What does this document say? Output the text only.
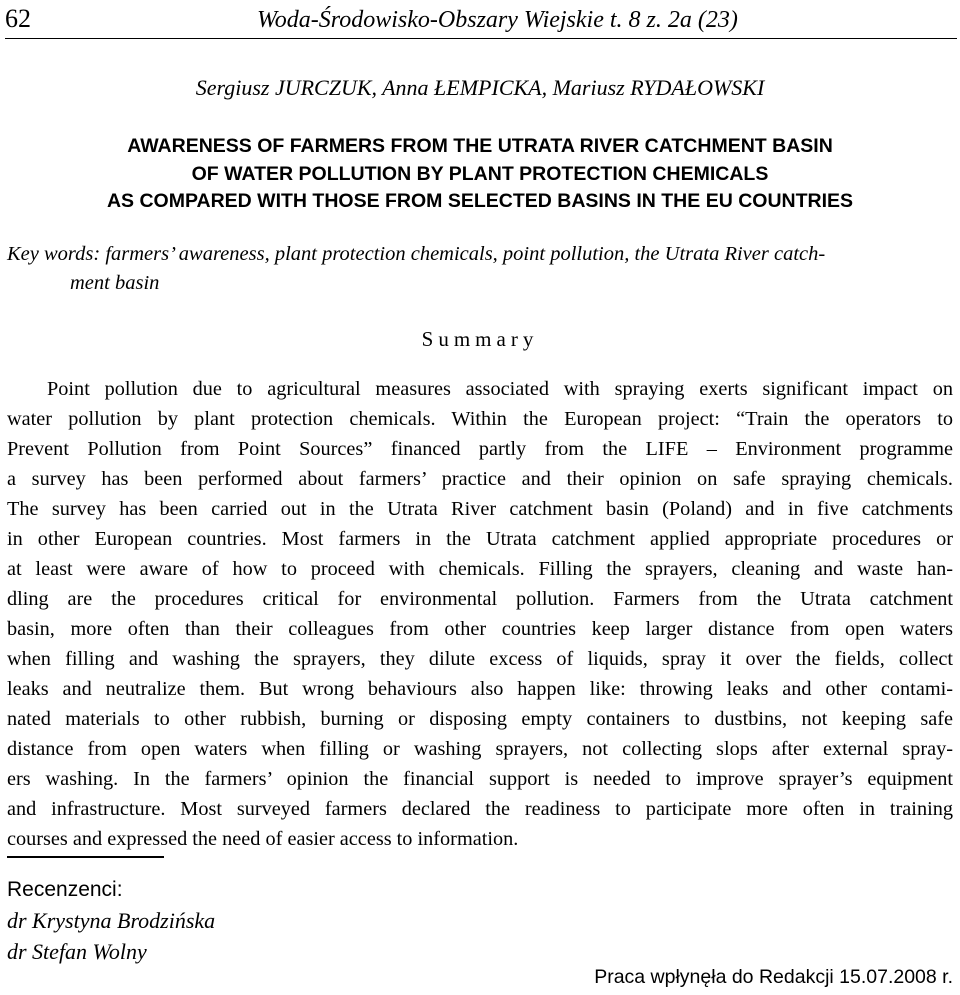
62	Woda-Środowisko-Obszary Wiejskie t. 8 z. 2a (23)
Sergiusz JURCZUK, Anna ŁEMPICKA, Mariusz RYDAŁOWSKI
AWARENESS OF FARMERS FROM THE UTRATA RIVER CATCHMENT BASIN
OF WATER POLLUTION BY PLANT PROTECTION CHEMICALS
AS COMPARED WITH THOSE FROM SELECTED BASINS IN THE EU COUNTRIES
Key words: farmers’ awareness, plant protection chemicals, point pollution, the Utrata River catch-
ment basin
Summary
Point pollution due to agricultural measures associated with spraying exerts significant impact on
water pollution by plant protection chemicals. Within the European project: “Train the operators to
Prevent Pollution from Point Sources” financed partly from the LIFE – Environment programme
a survey has been performed about farmers’ practice and their opinion on safe spraying chemicals.
The survey has been carried out in the Utrata River catchment basin (Poland) and in five catchments
in other European countries. Most farmers in the Utrata catchment applied appropriate procedures or
at least were aware of how to proceed with chemicals. Filling the sprayers, cleaning and waste han-
dling are the procedures critical for environmental pollution. Farmers from the Utrata catchment
basin, more often than their colleagues from other countries keep larger distance from open waters
when filling and washing the sprayers, they dilute excess of liquids, spray it over the fields, collect
leaks and neutralize them. But wrong behaviours also happen like: throwing leaks and other contami-
nated materials to other rubbish, burning or disposing empty containers to dustbins, not keeping safe
distance from open waters when filling or washing sprayers, not collecting slops after external spray-
ers washing. In the farmers’ opinion the financial support is needed to improve sprayer’s equipment
and infrastructure. Most surveyed farmers declared the readiness to participate more often in training
courses and expressed the need of easier access to information.
Recenzenci:
dr Krystyna Brodzińska
dr Stefan Wolny
Praca wpłynęła do Redakcji 15.07.2008 r.
